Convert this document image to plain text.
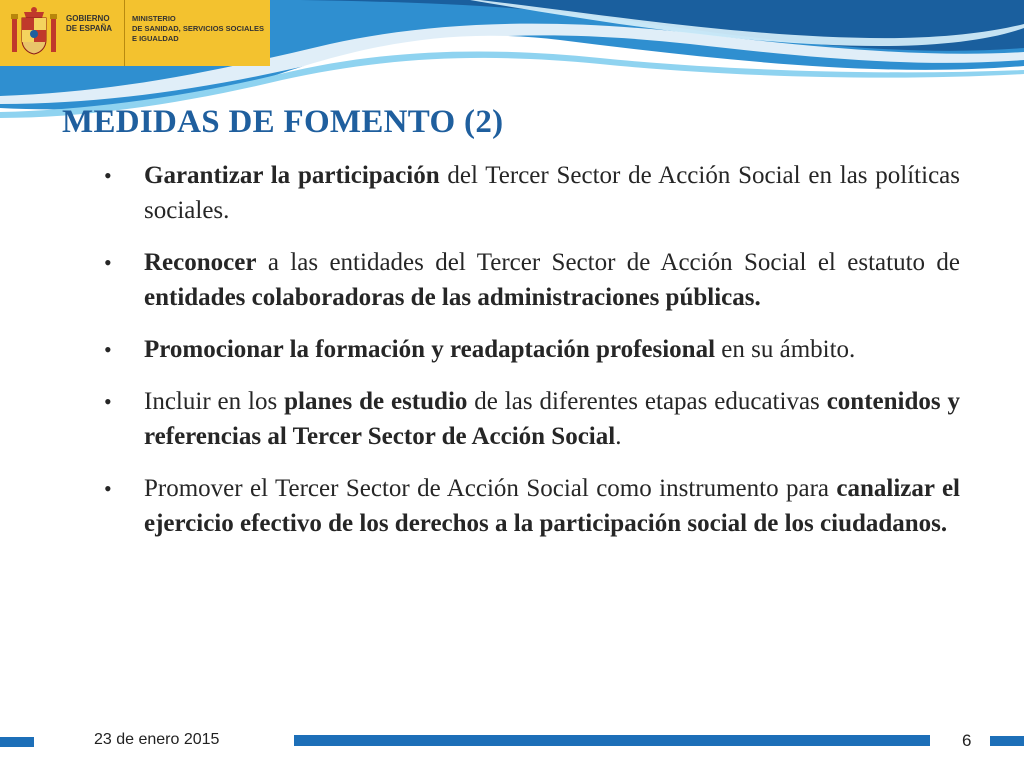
GOBIERNO
DE ESPAÑA
MINISTERIO
DE SANIDAD, SERVICIOS SOCIALES
E IGUALDAD
MEDIDAS DE FOMENTO (2)
•	Garantizar la participación del Tercer Sector de Acción Social en las políticas sociales.
•	Reconocer a las entidades del Tercer Sector de Acción Social el estatuto de entidades colaboradoras de las administraciones públicas.
•	Promocionar la formación y readaptación profesional en su ámbito.
•	Incluir en los planes de estudio de las diferentes etapas educativas contenidos y referencias al Tercer Sector de Acción Social.
•	Promover el Tercer Sector de Acción Social como instrumento para canalizar el ejercicio efectivo de los derechos a la participación social de los ciudadanos.
23 de enero 2015	6
